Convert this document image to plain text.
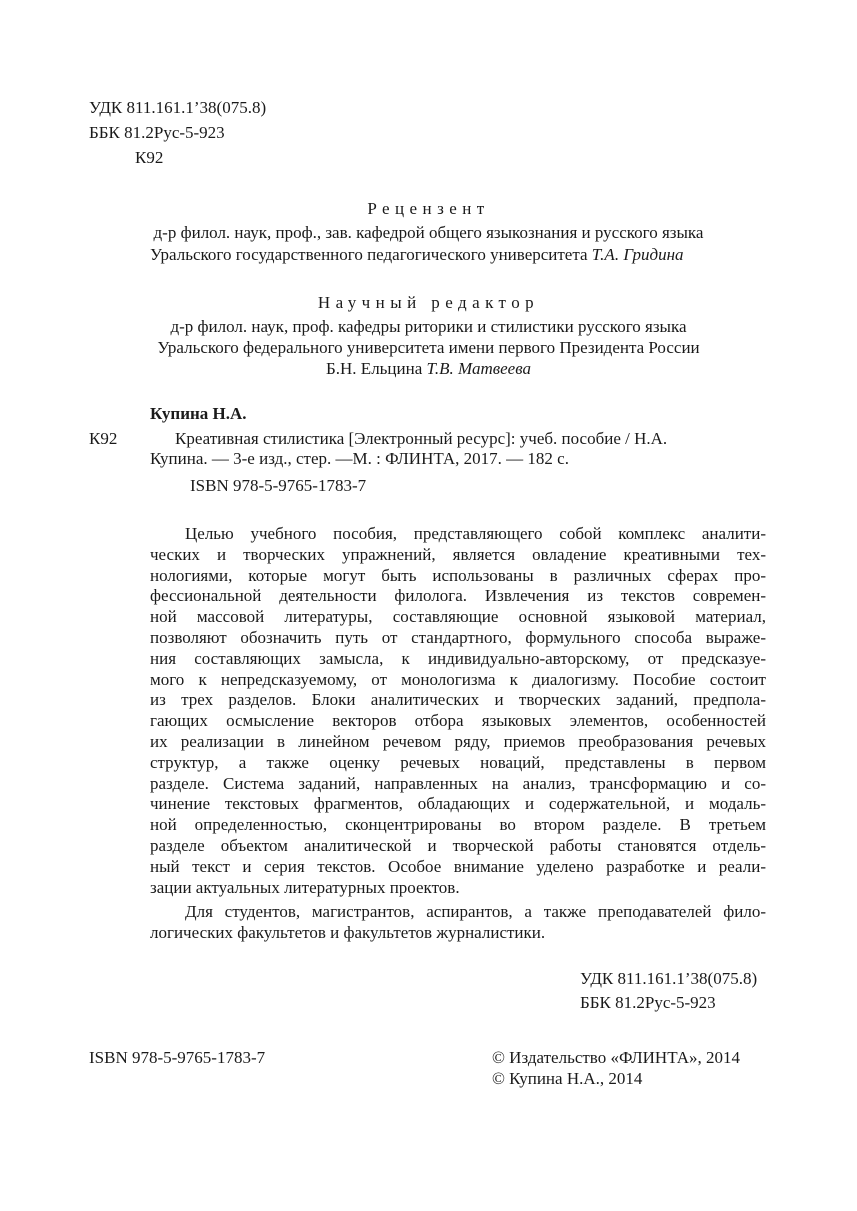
УДК 811.161.1’38(075.8)

ББК 81.2Рус-5-923

К92

Рецензент

д-р филол. наук, проф., зав. кафедрой общего языкознания и русского языка

Уральского государственного педагогического университета Т.А. Гридина

Научный редактор

д-р филол. наук, проф. кафедры риторики и стилистики русского языка

Уральского федерального университета имени первого Президента России

Б.Н. Ельцина Т.В. Матвеева

Купина Н.А.

К92	Креативная стилистика [Электронный ресурс]: учеб. пособие / Н.А.

Купина. — 3-е изд., стер. —М. : ФЛИНТА, 2017. — 182 с.

ISBN 978-5-9765-1783-7

Целью учебного пособия, представляющего собой комплекс аналити-

ческих и творческих упражнений, является овладение креативными тех-

нологиями, которые могут быть использованы в различных сферах про-

фессиональной деятельности филолога. Извлечения из текстов современ-

ной массовой литературы, составляющие основной языковой материал,

позволяют обозначить путь от стандартного, формульного способа выраже-

ния составляющих замысла, к индивидуально-авторскому, от предсказуе-

мого к непредсказуемому, от монологизма к диалогизму. Пособие состоит

из трех разделов. Блоки аналитических и творческих заданий, предпола-

гающих осмысление векторов отбора языковых элементов, особенностей

их реализации в линейном речевом ряду, приемов преобразования речевых

структур, а также оценку речевых новаций, представлены в первом

разделе. Система заданий, направленных на анализ, трансформацию и со-

чинение текстовых фрагментов, обладающих и содержательной, и модаль-

ной определенностью, сконцентрированы во втором разделе. В третьем

разделе объектом аналитической и творческой работы становятся отдель-

ный текст и серия текстов. Особое внимание уделено разработке и реали-

зации актуальных литературных проектов.

Для студентов, магистрантов, аспирантов, а также преподавателей фило-

логических факультетов и факультетов журналистики.

УДК 811.161.1’38(075.8)

ББК 81.2Рус-5-923

ISBN 978-5-9765-1783-7	© Издательство «ФЛИНТА», 2014

© Купина Н.А., 2014
